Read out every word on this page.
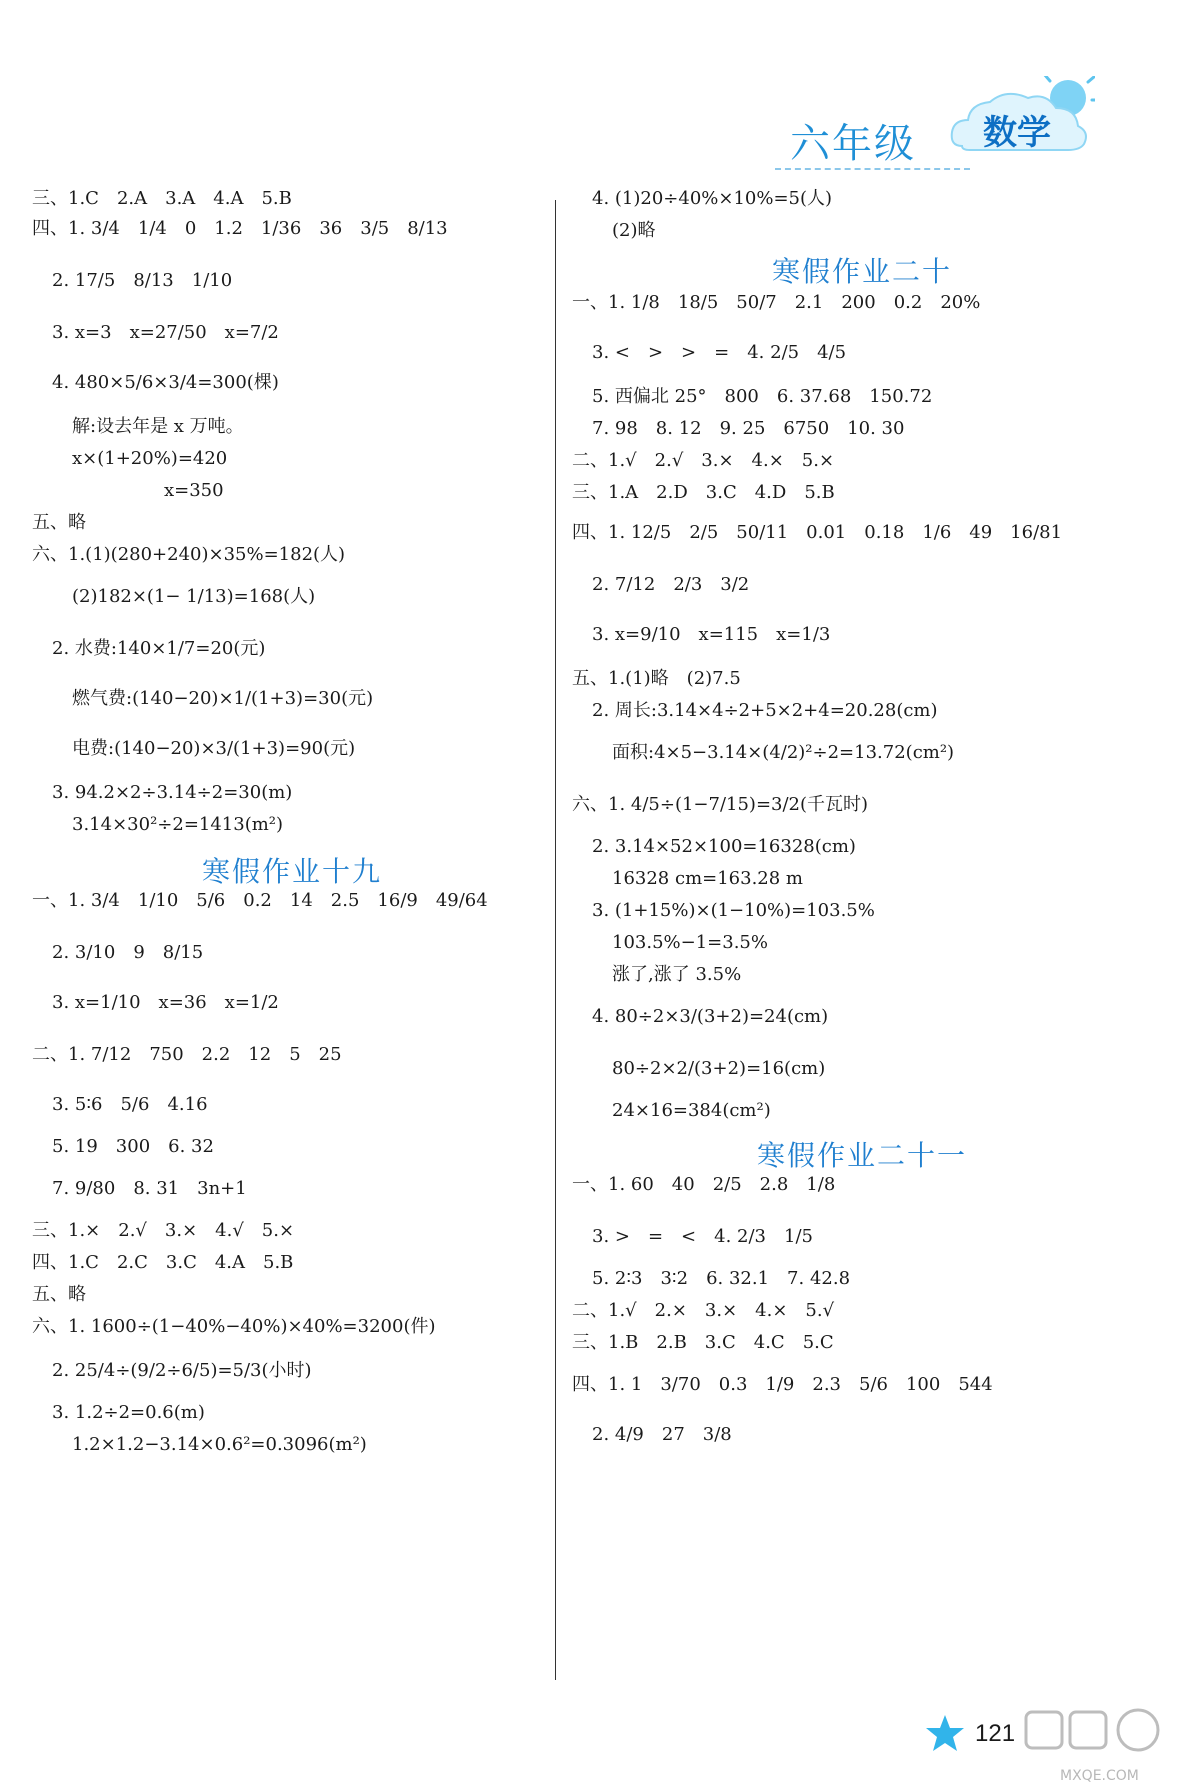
六年级 数学
三、1.C　2.A　3.A　4.A　5.B
四、1. 3/4　1/4　0　1.2　1/36　36　3/5　8/13
2. 17/5　8/13　1/10
3. x=3　x=27/50　x=7/2
4. 480×5/6×3/4=300(棵)
解:设去年是 x 万吨。
x×(1+20%)=420
x=350
五、略
六、1.(1)(280+240)×35%=182(人)
(2)182×(1− 1/13)=168(人)
2. 水费:140×1/7=20(元)
燃气费:(140−20)×1/(1+3)=30(元)
电费:(140−20)×3/(1+3)=90(元)
3. 94.2×2÷3.14÷2=30(m)
3.14×30²÷2=1413(m²)
寒假作业十九
一、1. 3/4　1/10　5/6　0.2　14　2.5　16/9　49/64
2. 3/10　9　8/15
3. x=1/10　x=36　x=1/2
二、1. 7/12　750　2.2　12　5　25
3. 5∶6　5/6　4.16
5. 19　300　6. 32
7. 9/80　8. 31　3n+1
三、1.×　2.√　3.×　4.√　5.×
四、1.C　2.C　3.C　4.A　5.B
五、略
六、1. 1600÷(1−40%−40%)×40%=3200(件)
2. 25/4÷(9/2÷6/5)=5/3(小时)
3. 1.2÷2=0.6(m)
1.2×1.2−3.14×0.6²=0.3096(m²)
4. (1)20÷40%×10%=5(人)
(2)略
寒假作业二十
一、1. 1/8　18/5　50/7　2.1　200　0.2　20%
3. <　>　>　=　4. 2/5　4/5
5. 西偏北 25°　800　6. 37.68　150.72
7. 98　8. 12　9. 25　6750　10. 30
二、1.√　2.√　3.×　4.×　5.×
三、1.A　2.D　3.C　4.D　5.B
四、1. 12/5　2/5　50/11　0.01　0.18　1/6　49　16/81
2. 7/12　2/3　3/2
3. x=9/10　x=115　x=1/3
五、1.(1)略　(2)7.5
2. 周长:3.14×4÷2+5×2+4=20.28(cm)
面积:4×5−3.14×(4/2)²÷2=13.72(cm²)
六、1. 4/5÷(1−7/15)=3/2(千瓦时)
2. 3.14×52×100=16328(cm)
16328 cm=163.28 m
3. (1+15%)×(1−10%)=103.5%
103.5%−1=3.5%
涨了,涨了 3.5%
4. 80÷2×3/(3+2)=24(cm)
80÷2×2/(3+2)=16(cm)
24×16=384(cm²)
寒假作业二十一
一、1. 60　40　2/5　2.8　1/8
3. >　=　<　4. 2/3　1/5
5. 2∶3　3∶2　6. 32.1　7. 42.8
二、1.√　2.×　3.×　4.×　5.√
三、1.B　2.B　3.C　4.C　5.C
四、1. 1　3/70　0.3　1/9　2.3　5/6　100　544
2. 4/9　27　3/8
121
MXQE.COM
